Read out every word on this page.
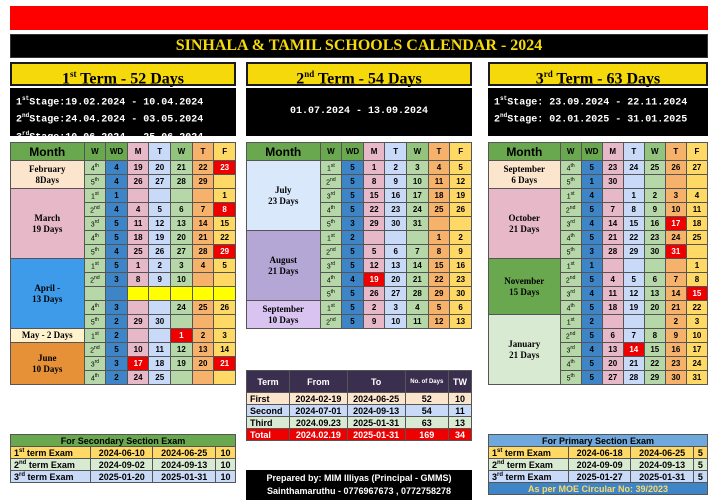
SINHALA & TAMIL SCHOOLS CALENDAR - 2024
1st Term - 52 Days
1stStage:19.02.2024 - 10.04.2024
2ndStage:24.04.2024 - 03.05.2024
3rdStage:10.06.2024 - 25.06.2024
2nd Term - 54 Days
01.07.2024 - 13.09.2024
3rd Term - 63 Days
1stStage: 23.09.2024 - 22.11.2024
2ndStage: 02.01.2025 - 31.01.2025
Month	W	WD	M	T	W	T	F
February
8Days	4th	4	19	20	21	22	23
	5th	4	26	27	28	29	
March
19 Days	1st	1					1
	2nd	4	4	5	6	7	8
	3rd	5	11	12	13	14	15
	4th	5	18	19	20	21	22
	5th	4	25	26	27	28	29
April -
13 Days	1st	5	1	2	3	4	5
	2nd	3	8	9	10		

	4th	3			24	25	26
	5th	2	29	30			
May - 2 Days	1st	2			1	2	3
June
10 Days	2nd	5	10	11	12	13	14
	3rd	3	17	18	19	20	21
	4th	2	24	25			
Month	W	WD	M	T	W	T	F
July
23 Days	1st	5	1	2	3	4	5
	2nd	5	8	9	10	11	12
	3rd	5	15	16	17	18	19
	4th	5	22	23	24	25	26
	5th	3	29	30	31		
August
21 Days	1st	2				1	2
	2nd	5	5	6	7	8	9
	3rd	5	12	13	14	15	16
	4th	4	19	20	21	22	23
	5th	5	26	27	28	29	30
September
10 Days	1st	5	2	3	4	5	6
	2nd	5	9	10	11	12	13
Month	W	WD	M	T	W	T	F
September
6 Days	4th	5	23	24	25	26	27
	5th	1	30				
October
21 Days	1st	4		1	2	3	4
	2nd	5	7	8	9	10	11
	3rd	4	14	15	16	17	18
	4th	5	21	22	23	24	25
	5th	3	28	29	30	31	
November
15 Days	1st	1					1
	2nd	5	4	5	6	7	8
	3rd	4	11	12	13	14	15
	4th	5	18	19	20	21	22
January
21 Days	1st	2				2	3
	2nd	5	6	7	8	9	10
	3rd	4	13	14	15	16	17
	4th	5	20	21	22	23	24
	5th	5	27	28	29	30	31
Term	From	To	No. of Days	TW
First	2024-02-19	2024-06-25	52	10
Second	2024-07-01	2024-09-13	54	11
Third	2024.09.23	2025-01-31	63	13
Total	2024.02.19	2025-01-31	169	34
For Secondary Section Exam			
1st term Exam	2024-06-10	2024-06-25	10
2nd term Exam	2024-09-02	2024-09-13	10
3rd term Exam	2025-01-20	2025-01-31	10
For Primary Section Exam			
1st term Exam	2024-06-18	2024-06-25	5
2nd term Exam	2024-09-09	2024-09-13	5
3rd term Exam	2025-01-27	2025-01-31	5
As per MOE Circular No: 39/2023			
Prepared by: MIM Illiyas (Principal - GMMS)
Sainthamaruthu - 0776967673 , 0772758278
